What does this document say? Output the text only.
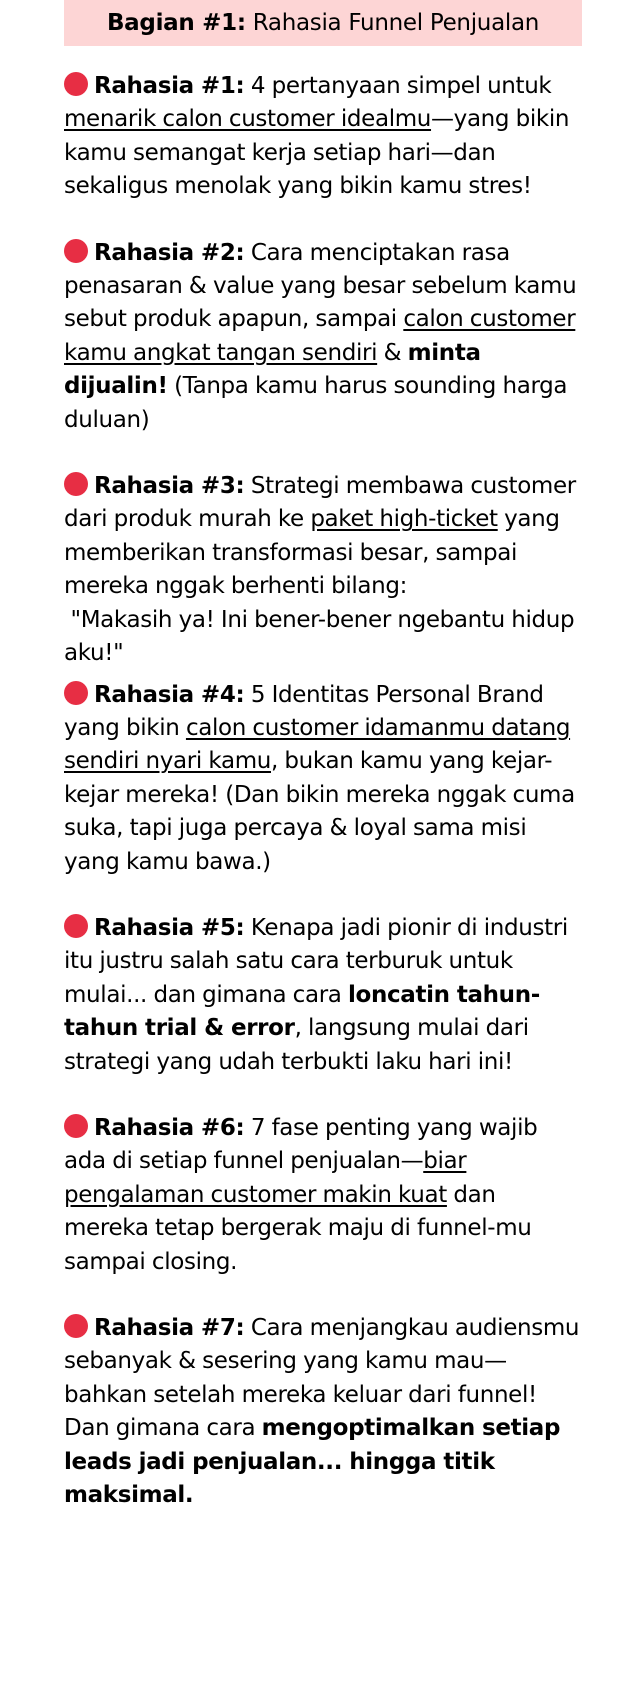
Bagian #1: Rahasia Funnel Penjualan
Rahasia #1: 4 pertanyaan simpel untuk menarik calon customer idealmu—yang bikin kamu semangat kerja setiap hari—dan sekaligus menolak yang bikin kamu stres!
Rahasia #2: Cara menciptakan rasa penasaran & value yang besar sebelum kamu sebut produk apapun, sampai calon customer kamu angkat tangan sendiri & minta dijualin! (Tanpa kamu harus sounding harga duluan)
Rahasia #3: Strategi membawa customer dari produk murah ke paket high-ticket yang memberikan transformasi besar, sampai mereka nggak berhenti bilang:
"Makasih ya! Ini bener-bener ngebantu hidup aku!"
Rahasia #4: 5 Identitas Personal Brand yang bikin calon customer idamanmu datang sendiri nyari kamu, bukan kamu yang kejar-kejar mereka! (Dan bikin mereka nggak cuma suka, tapi juga percaya & loyal sama misi yang kamu bawa.)
Rahasia #5: Kenapa jadi pionir di industri itu justru salah satu cara terburuk untuk mulai... dan gimana cara loncatin tahun-tahun trial & error, langsung mulai dari strategi yang udah terbukti laku hari ini!
Rahasia #6: 7 fase penting yang wajib ada di setiap funnel penjualan—biar pengalaman customer makin kuat dan mereka tetap bergerak maju di funnel-mu sampai closing.
Rahasia #7: Cara menjangkau audiensmu sebanyak & sesering yang kamu mau—bahkan setelah mereka keluar dari funnel!
Dan gimana cara mengoptimalkan setiap leads jadi penjualan... hingga titik maksimal.
